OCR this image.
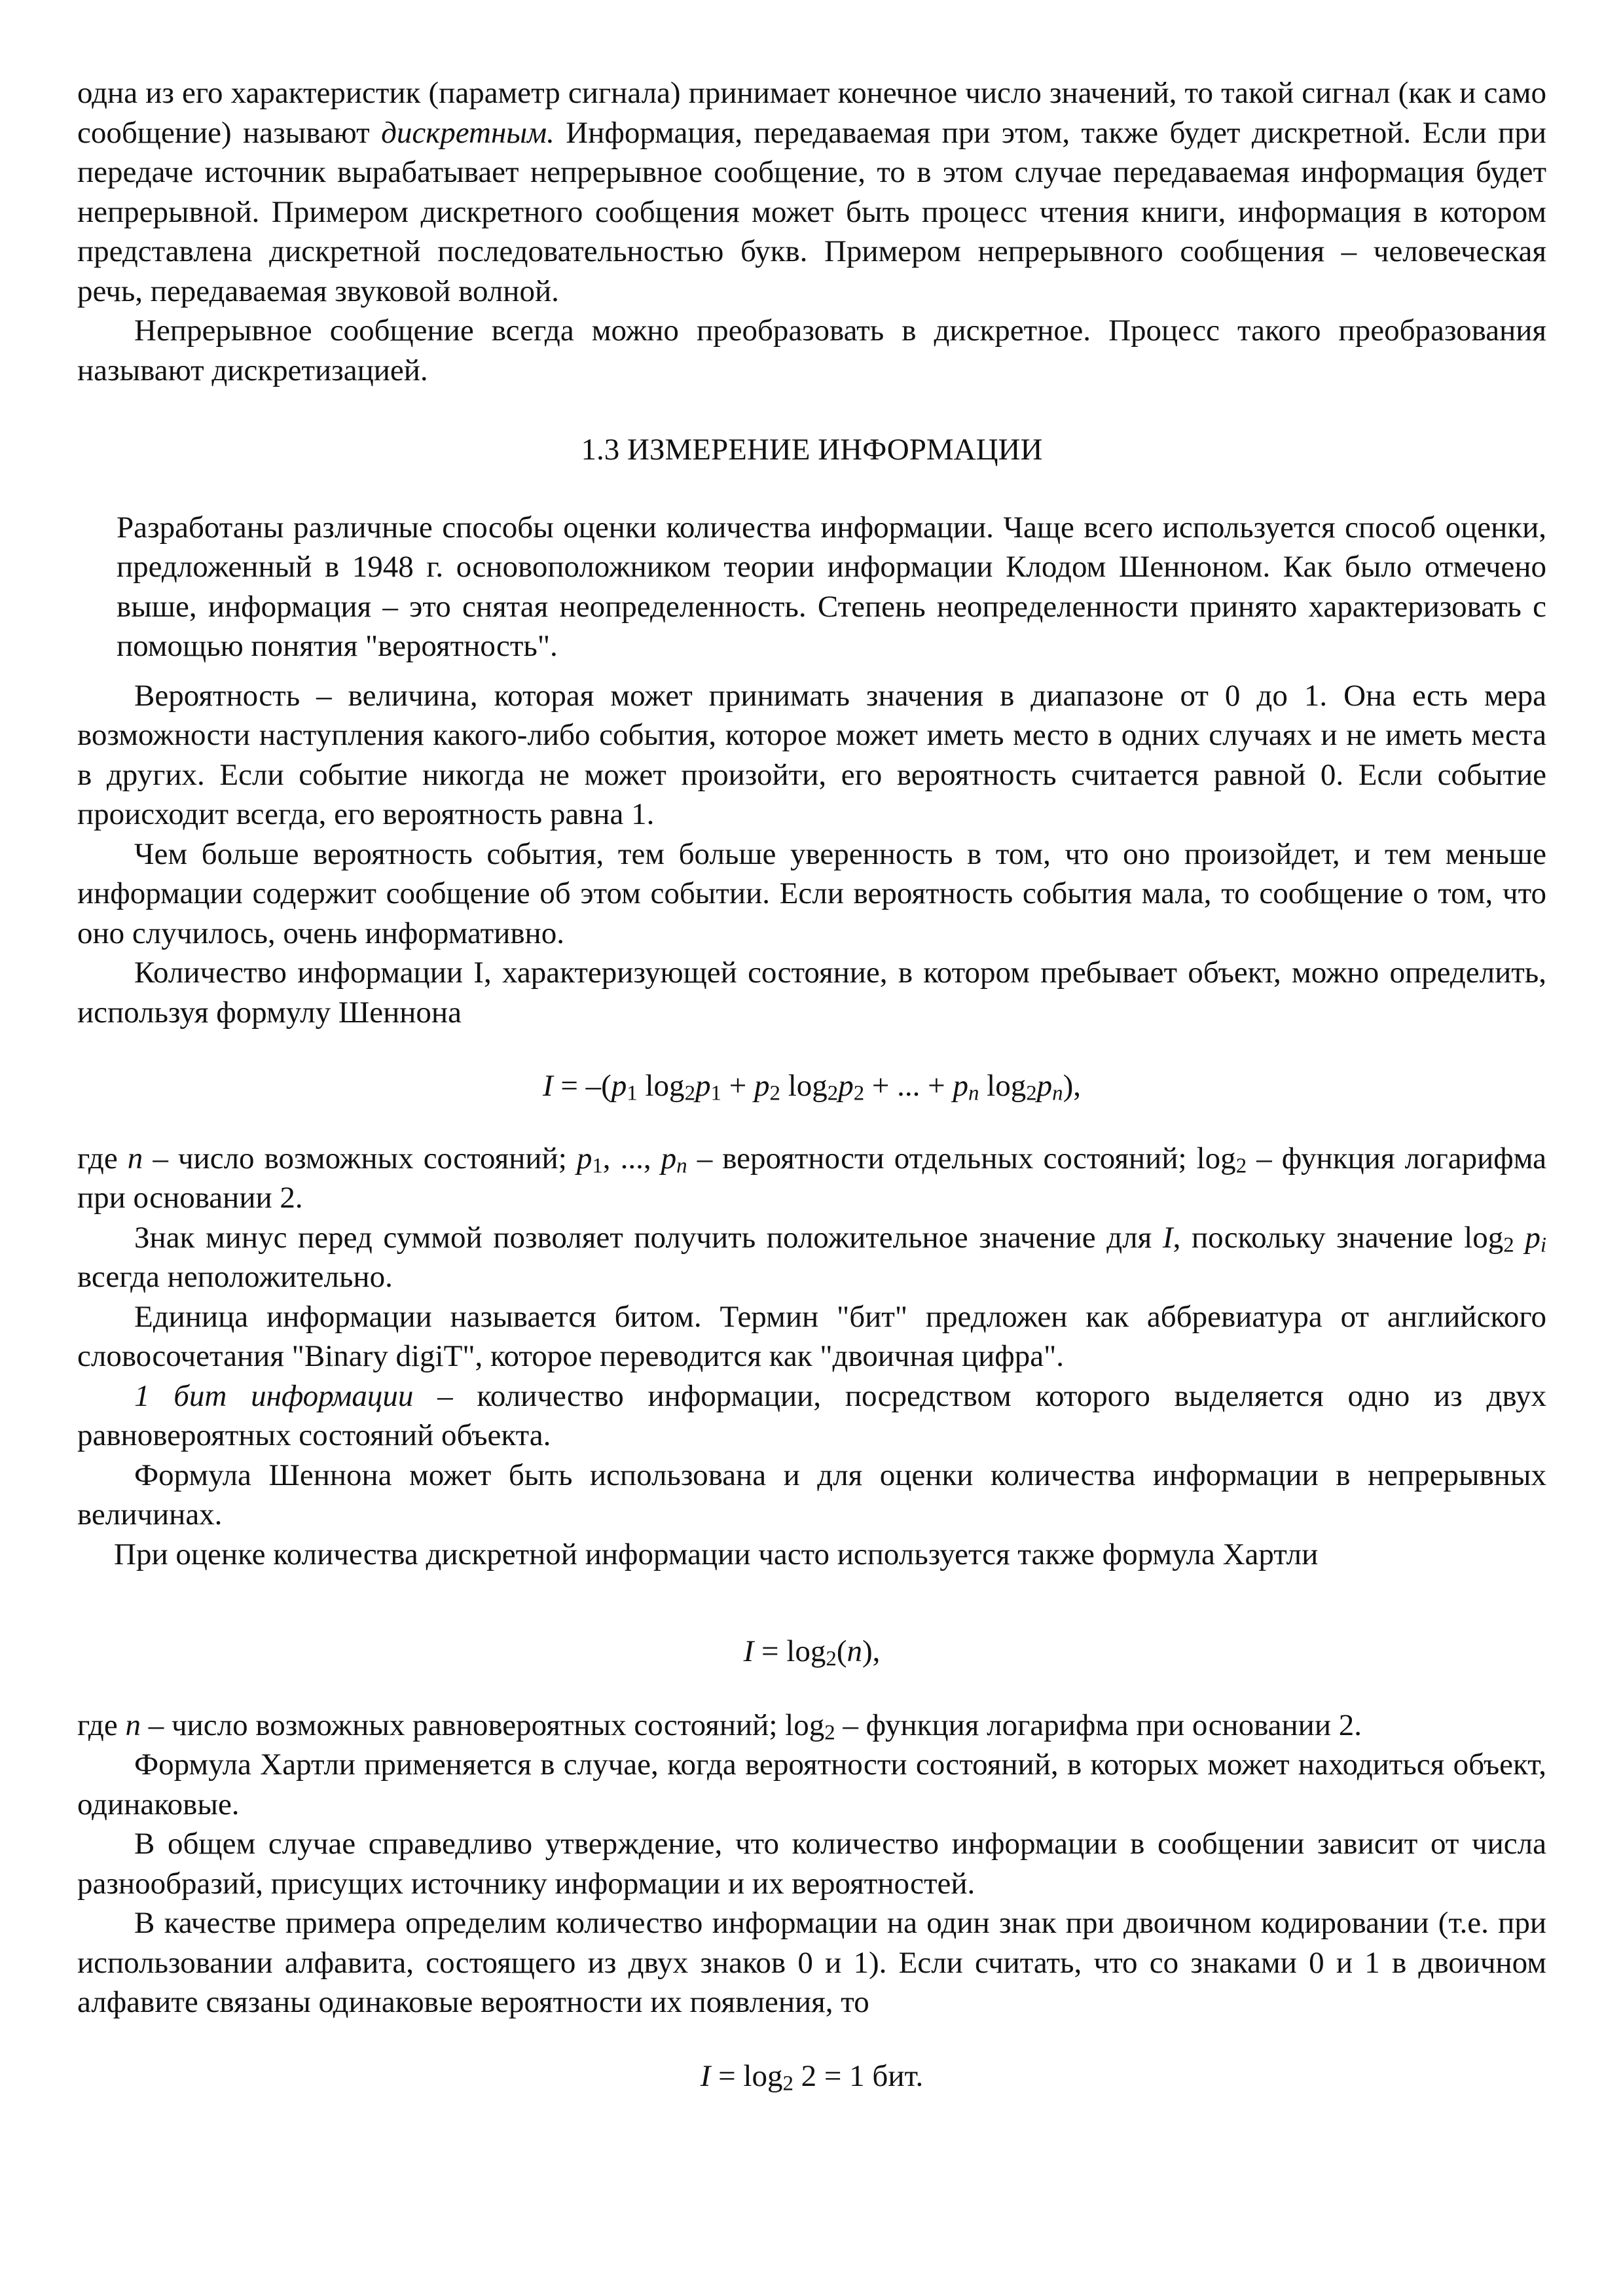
одна из его характеристик (параметр сигнала) принимает конечное число значений, то такой сигнал (как и само сообщение) называют дискретным. Информация, передаваемая при этом, также будет дискретной. Если при передаче источник вырабатывает непрерывное сообщение, то в этом случае передаваемая информация будет непрерывной. Примером дискретного сообщения может быть процесс чтения книги, информация в котором представлена дискретной последовательностью букв. Примером непрерывного сообщения – человеческая речь, передаваемая звуковой волной.

Непрерывное сообщение всегда можно преобразовать в дискретное. Процесс такого преобразования называют дискретизацией.

1.3 ИЗМЕРЕНИЕ ИНФОРМАЦИИ

Разработаны различные способы оценки количества информации. Чаще всего используется способ оценки, предложенный в 1948 г. основоположником теории информации Клодом Шенноном. Как было отмечено выше, информация – это снятая неопределенность. Степень неопределенности принято характеризовать с помощью понятия "вероятность".

Вероятность – величина, которая может принимать значения в диапазоне от 0 до 1. Она есть мера возможности наступления какого-либо события, которое может иметь место в одних случаях и не иметь места в других. Если событие никогда не может произойти, его вероятность считается равной 0. Если событие происходит всегда, его вероятность равна 1.

Чем больше вероятность события, тем больше уверенность в том, что оно произойдет, и тем меньше информации содержит сообщение об этом событии. Если вероятность события мала, то сообщение о том, что оно случилось, очень информативно.

Количество информации I, характеризующей состояние, в котором пребывает объект, можно определить, используя формулу Шеннона

$I = -(p_1$ $\log_2p_1 + p_2$ $\log_2p_2$ + ... + $p_n$ $\log_2p_n$),

где n – число возможных состояний; $p_1$, ..., $p_n$ – вероятности отдельных состояний; $\log_2$ – функция логарифма при основании 2.

Знак минус перед суммой позволяет получить положительное значение для I, поскольку значение $\log_2 p_i$ всегда неположительно.

Единица информации называется битом. Термин "бит" предложен как аббревиатура от английского словосочетания "Binary digiT", которое переводится как "двоичная цифра".

1 бит информации – количество информации, посредством которого выделяется одно из двух равновероятных состояний объекта.

Формула Шеннона может быть использована и для оценки количества информации в непрерывных величинах.

При оценке количества дискретной информации часто используется также формула Хартли

$I = \log_2(n)$,

где n – число возможных равновероятных состояний; $\log_2$ – функция логарифма при основании 2.

Формула Хартли применяется в случае, когда вероятности состояний, в которых может находиться объект, одинаковые.

В общем случае справедливо утверждение, что количество информации в сообщении зависит от числа разнообразий, присущих источнику информации и их вероятностей.

В качестве примера определим количество информации на один знак при двоичном кодировании (т.е. при использовании алфавита, состоящего из двух знаков 0 и 1). Если считать, что со знаками 0 и 1 в двоичном алфавите связаны одинаковые вероятности их появления, то

$I = \log_2 2 = 1$ бит.
